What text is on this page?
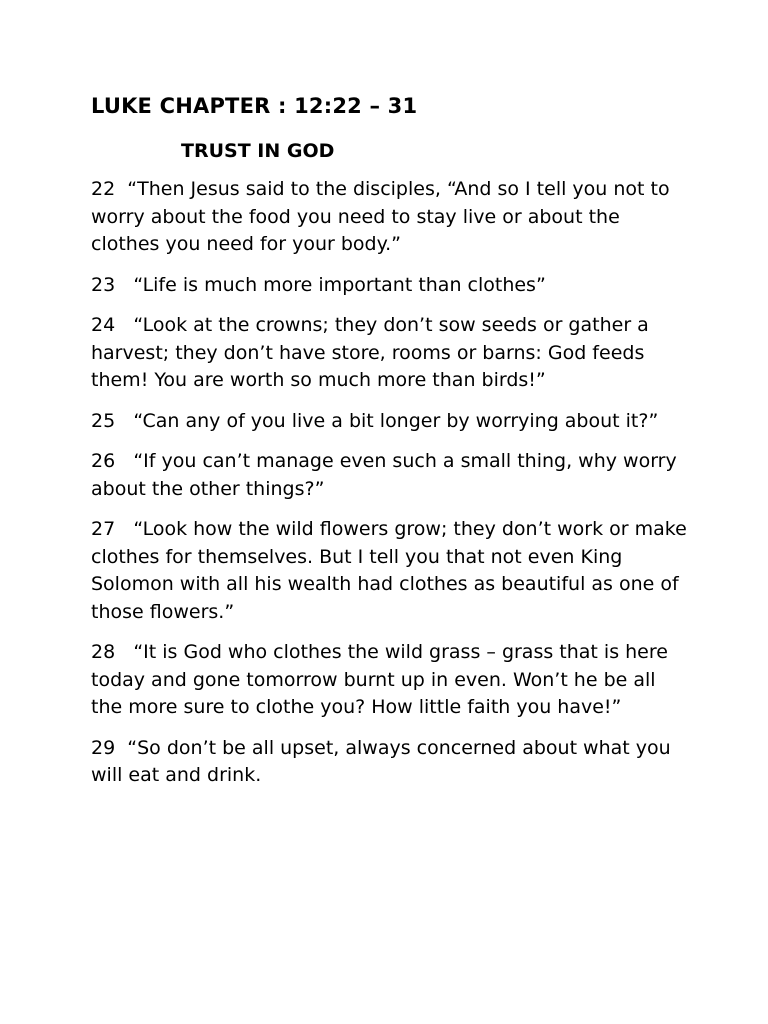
LUKE CHAPTER : 12:22 – 31
TRUST IN GOD

22 “Then Jesus said to the disciples, “And so I tell you not to worry about the food you need to stay live or about the clothes you need for your body.”

23 “Life is much more important than clothes”

24 “Look at the crowns; they don’t sow seeds or gather a harvest; they don’t have store, rooms or barns: God feeds them! You are worth so much more than birds!”

25 “Can any of you live a bit longer by worrying about it?”

26 “If you can’t manage even such a small thing, why worry about the other things?”

27 “Look how the wild flowers grow; they don’t work or make clothes for themselves. But I tell you that not even King Solomon with all his wealth had clothes as beautiful as one of those flowers.”

28 “It is God who clothes the wild grass – grass that is here today and gone tomorrow burnt up in even. Won’t he be all the more sure to clothe you? How little faith you have!”

29 “So don’t be all upset, always concerned about what you will eat and drink.
